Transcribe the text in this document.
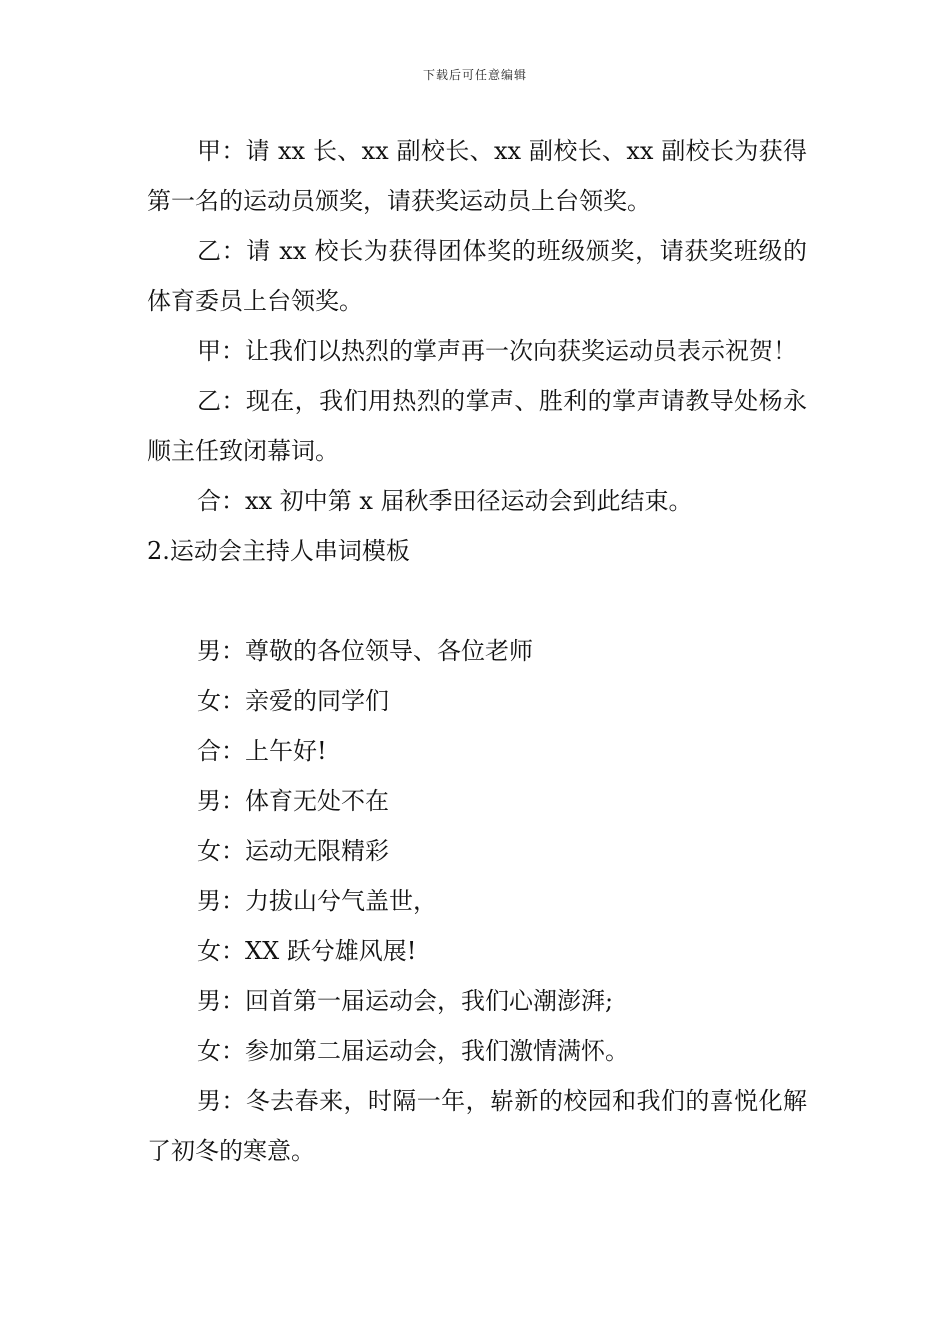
下载后可任意编辑

甲：请 xx 长、xx 副校长、xx 副校长、xx 副校长为获得第一名的运动员颁奖，请获奖运动员上台领奖。

乙：请 xx 校长为获得团体奖的班级颁奖，请获奖班级的体育委员上台领奖。

甲：让我们以热烈的掌声再一次向获奖运动员表示祝贺！

乙：现在，我们用热烈的掌声、胜利的掌声请教导处杨永顺主任致闭幕词。

合：xx 初中第 x 届秋季田径运动会到此结束。

2.运动会主持人串词模板

男：尊敬的各位领导、各位老师

女：亲爱的同学们

合：上午好!

男：体育无处不在

女：运动无限精彩

男：力拔山兮气盖世，

女：XX 跃兮雄风展!

男：回首第一届运动会，我们心潮澎湃;

女：参加第二届运动会，我们激情满怀。

男：冬去春来，时隔一年，崭新的校园和我们的喜悦化解了初冬的寒意。
